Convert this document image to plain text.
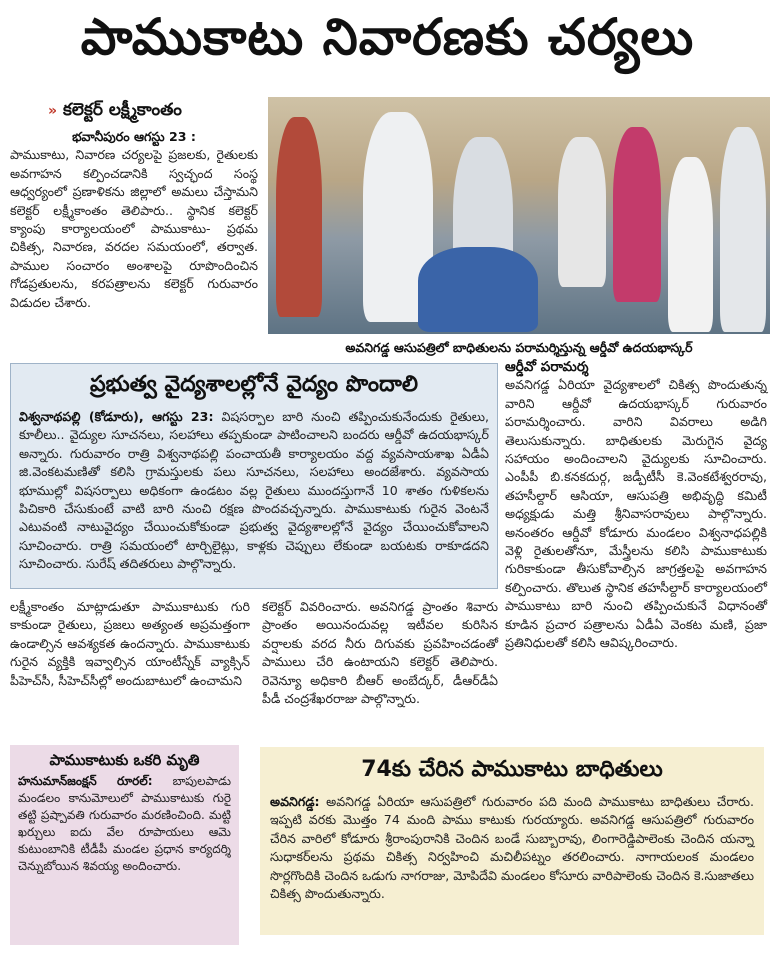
పాముకాటు నివారణకు చర్యలు
» కలెక్టర్ లక్ష్మీకాంతం

భవానీపురం ఆగస్టు 23 :

పాముకాటు, నివారణ చర్యలపై ప్రజలకు, రైతులకు అవగాహన కల్పించడానికి స్వచ్ఛంద సంస్థ ఆధ్వర్యంలో ప్రణాళికను జిల్లాలో అమలు చేస్తామని కలెక్టర్ లక్ష్మీకాంతం తెలిపారు.. స్థానిక కలెక్టర్ క్యాంపు కార్యాలయంలో పాముకాటు- ప్రథమ చికిత్స, నివారణ, వరదల సమయంలో, తర్వాత. పాముల సంచారం అంశాలపై రూపొందించిన గోడప్రతులను, కరపత్రాలను కలెక్టర్ గురువారం విడుదల చేశారు.

అవనిగడ్డ ఆసుపత్రిలో బాధితులను పరామర్శిస్తున్న ఆర్డీవో ఉదయభాస్కర్

ఆర్డీవో పరామర్శ

అవనిగడ్డ ఏరియా వైద్యశాలలో చికిత్స పొందుతున్న వారిని ఆర్డీవో ఉదయభాస్కర్ గురువారం పరామర్శించారు. వారిని వివరాలు అడిగి తెలుసుకున్నారు. బాధితులకు మెరుగైన వైద్య సహాయం అందించాలని వైద్యులకు సూచించారు. ఎంపీపీ బి.కనకదుర్గ, జడ్పీటీసీ కె.వెంకటేశ్వరరావు, తహసీల్దార్ ఆసియా, ఆసుపత్రి అభివృద్ధి కమిటీ అధ్యక్షుడు మత్తి శ్రీనివాసరావులు పాల్గొన్నారు. అనంతరం ఆర్డీవో కోడూరు మండలం విశ్వనాధపల్లికి వెళ్లి రైతులతోనూ, మేస్త్రీలను కలిసి పాముకాటుకు గురికాకుండా తీసుకోవాల్సిన జాగ్రత్తలపై అవగాహన కల్పించారు. తొలుత స్థానిక తహసీల్దార్ కార్యాలయంలో పాముకాటు బారి నుంచి తప్పించుకునే విధానంతో కూడిన ప్రచార పత్రాలను ఏడీఏ వెంకట మణి, ప్రజా ప్రతినిధులతో కలిసి ఆవిష్కరించారు.

ప్రభుత్వ వైద్యశాలల్లోనే వైద్యం పొందాలి
విశ్వనాథపల్లి (కోడూరు), ఆగస్టు 23: విషసర్పాల బారి నుంచి తప్పించుకునేందుకు రైతులు, కూలీలు.. వైద్యుల సూచనలు, సలహాలు తప్పకుండా పాటించాలని బందరు ఆర్డీవో ఉదయభాస్కర్ అన్నారు. గురువారం రాత్రి విశ్వనాథపల్లి పంచాయతీ కార్యాలయం వద్ద వ్యవసాయశాఖ ఏడీఏ జి.వెంకటమణితో కలిసి గ్రామస్తులకు పలు సూచనలు, సలహాలు అందజేశారు. వ్యవసాయ భూముల్లో విషసర్పాలు అధికంగా ఉండటం వల్ల రైతులు ముందస్తుగానే 10 శాతం గుళికలను పిచికారి చేసుకుంటే వాటి బారి నుంచి రక్షణ పొందవచ్చన్నారు. పాముకాటుకు గురైన వెంటనే ఎటువంటి నాటువైద్యం చేయించుకోకుండా ప్రభుత్వ వైద్యశాలల్లోనే వైద్యం చేయించుకోవాలని సూచించారు. రాత్రి సమయంలో టార్చిలైట్లు, కాళ్లకు చెప్పులు లేకుండా బయటకు రాకూడదని సూచించారు. సురేష్ తదితరులు పాల్గొన్నారు.
లక్ష్మీకాంతం మాట్లాడుతూ పాముకాటుకు గురి కాకుండా రైతులు, ప్రజలు అత్యంత అప్రమత్తంగా ఉండాల్సిన ఆవశ్యకత ఉందన్నారు. పాముకాటుకు గురైన వ్యక్తికి ఇవ్వాల్సిన యాంటీస్నేక్ వ్యాక్సిన్ పీహెచ్‌సీ, సీహెచ్‌సీల్లో అందుబాటులో ఉంచామని
కలెక్టర్ వివరించారు. అవనిగడ్డ ప్రాంతం శివారు ప్రాంతం అయినందువల్ల ఇటీవల కురిసిన వర్షాలకు వరద నీరు దిగువకు ప్రవహించడంతో పాములు చేరి ఉంటాయని కలెక్టర్ తెలిపారు. రెవెన్యూ అధికారి బీఆర్ అంబేద్కర్, డీఆర్‌డీఏ పీడీ చంద్రశేఖరరాజు పాల్గొన్నారు.
పాముకాటుకు ఒకరి మృతి
హనుమాన్‌జంక్షన్ రూరల్: బాపులపాడు మండలం కానుమోలులో పాముకాటుకు గురై తట్టి ప్రష్పావతి గురువారం మరణించింది. మట్టి ఖర్చులు ఐదు వేల రూపాయలు ఆమె కుటుంబానికి టీడీపీ మండల ప్రధాన కార్యదర్శి చెన్నుబోయిన శివయ్య అందించారు.
74కు చేరిన పాముకాటు బాధితులు
అవనిగడ్డ: అవనిగడ్డ ఏరియా ఆసుపత్రిలో గురువారం పది మంది పాముకాటు బాధితులు చేరారు. ఇప్పటి వరకు మొత్తం 74 మంది పాము కాటుకు గురయ్యారు. అవనిగడ్డ ఆసుపత్రిలో గురువారం చేరిన వారిలో కోడూరు శ్రీరాంపురానికి చెందిన బండే సుబ్బారావు, లింగారెడ్డిపాలెంకు చెందిన యన్నా సుధాకర్‌లను ప్రథమ చికిత్స నిర్వహించి మచిలీపట్నం తరలించారు. నాగాయలంక మండలం సొర్లగొందికి చెందిన ఒడుగు నాగరాజు, మోపిదేవి మండలం కోసూరు వారిపాలెంకు చెందిన కె.సుజాతలు చికిత్స పొందుతున్నారు.
